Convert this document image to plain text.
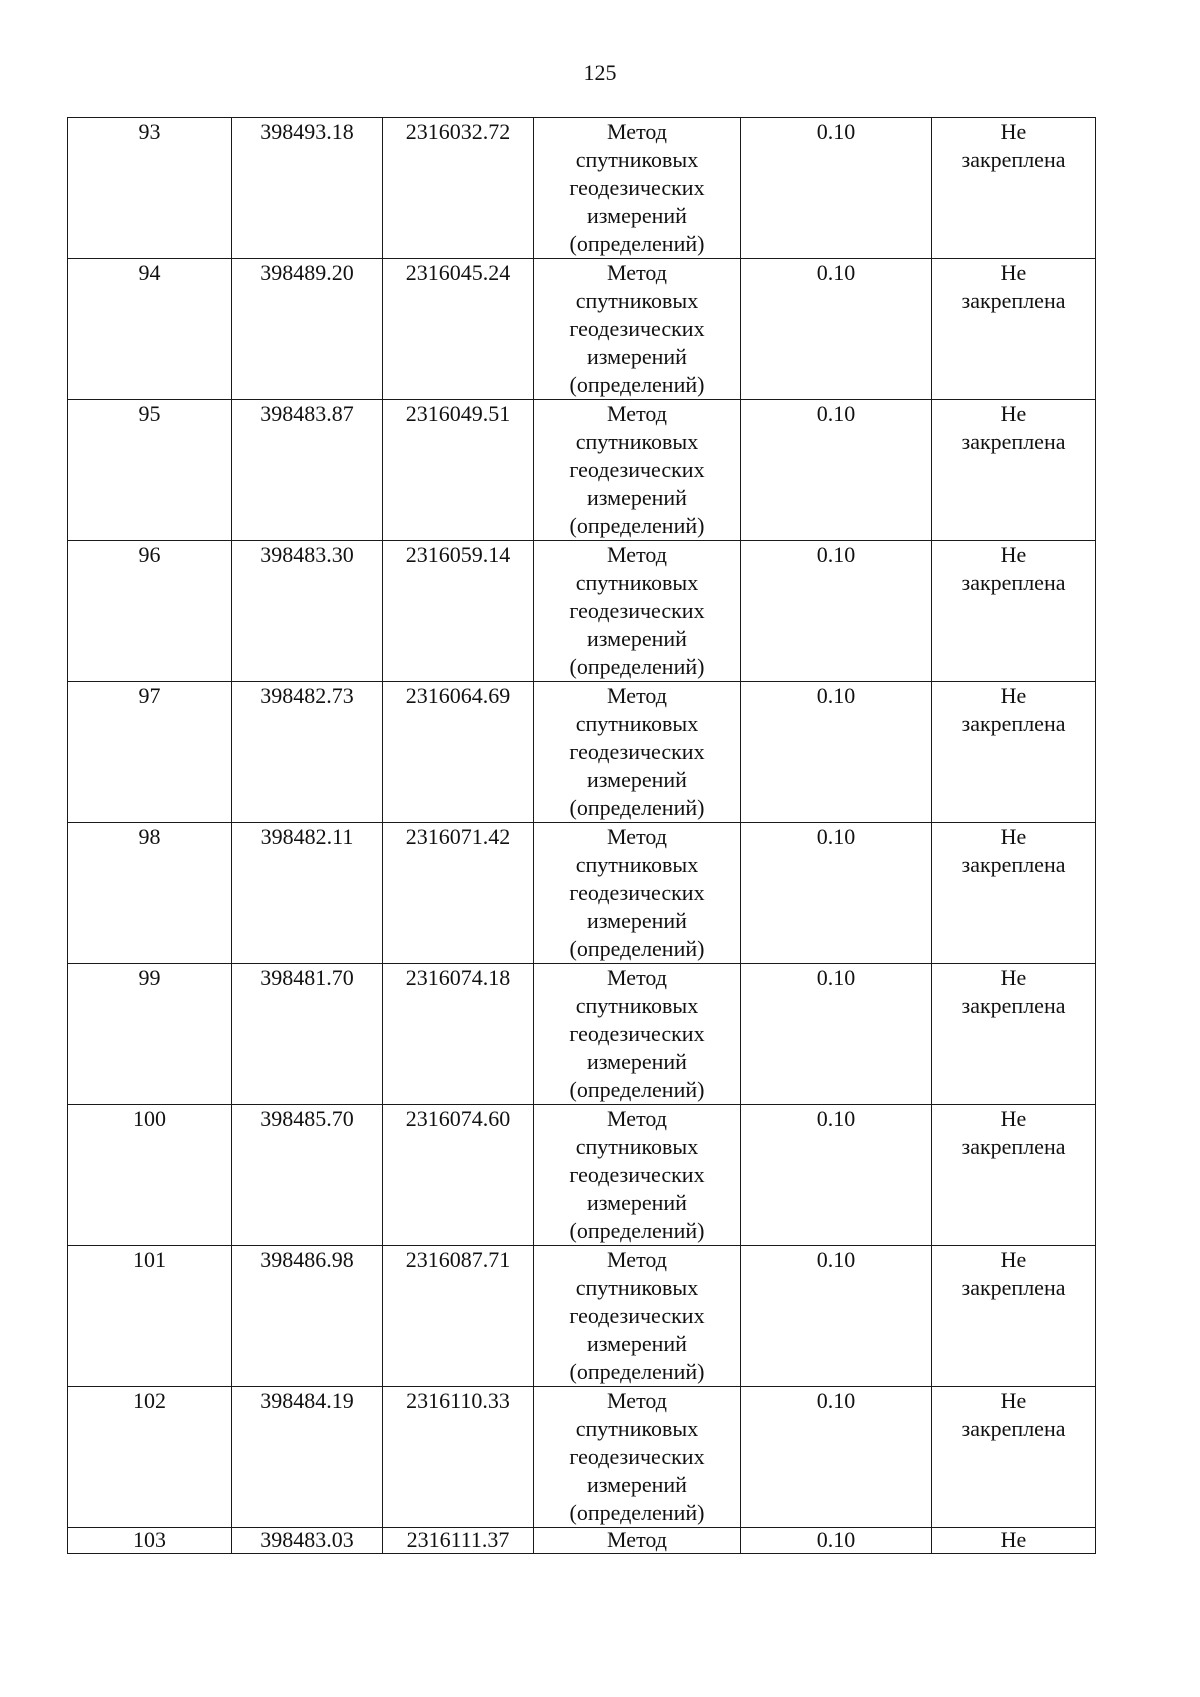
125
93	398493.18	2316032.72	Метод
спутниковых
геодезических
измерений
(определений)	0.10	Не
закреплена

94	398489.20	2316045.24	Метод
спутниковых
геодезических
измерений
(определений)	0.10	Не
закреплена

95	398483.87	2316049.51	Метод
спутниковых
геодезических
измерений
(определений)	0.10	Не
закреплена

96	398483.30	2316059.14	Метод
спутниковых
геодезических
измерений
(определений)	0.10	Не
закреплена

97	398482.73	2316064.69	Метод
спутниковых
геодезических
измерений
(определений)	0.10	Не
закреплена

98	398482.11	2316071.42	Метод
спутниковых
геодезических
измерений
(определений)	0.10	Не
закреплена

99	398481.70	2316074.18	Метод
спутниковых
геодезических
измерений
(определений)	0.10	Не
закреплена

100	398485.70	2316074.60	Метод
спутниковых
геодезических
измерений
(определений)	0.10	Не
закреплена

101	398486.98	2316087.71	Метод
спутниковых
геодезических
измерений
(определений)	0.10	Не
закреплена

102	398484.19	2316110.33	Метод
спутниковых
геодезических
измерений
(определений)	0.10	Не
закреплена

103	398483.03	2316111.37	Метод	0.10	Не
